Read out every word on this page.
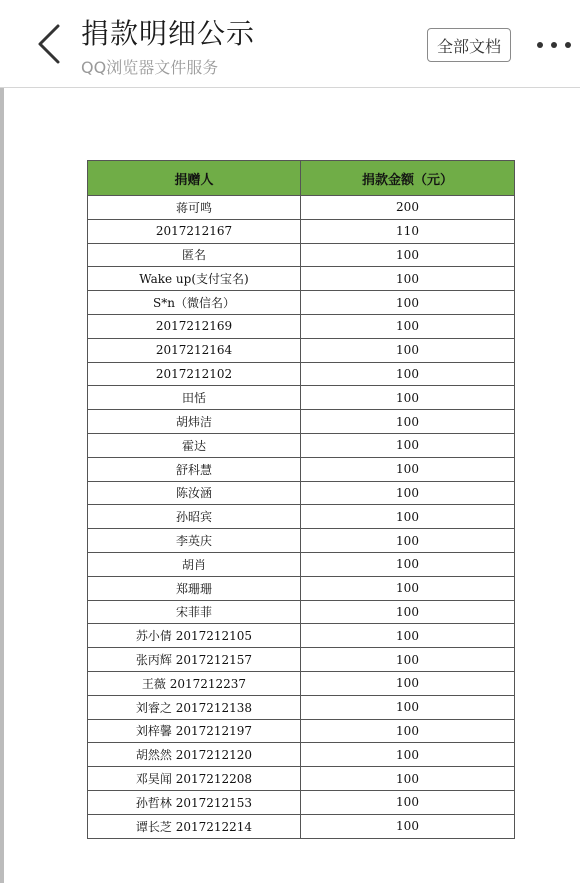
捐款明细公示
QQ浏览器文件服务
全部文档
捐赠人	捐款金额（元）
蒋可鸣	200
2017212167	110
匿名	100
Wake up(支付宝名)	100
S*n（微信名）	100
2017212169	100
2017212164	100
2017212102	100
田恬	100
胡炜洁	100
霍达	100
舒科慧	100
陈汝涵	100
孙昭宾	100
李英庆	100
胡肖	100
郑珊珊	100
宋菲菲	100
苏小倩 2017212105	100
张丙辉 2017212157	100
王薇 2017212237	100
刘睿之 2017212138	100
刘梓馨 2017212197	100
胡然然 2017212120	100
邓昊闻 2017212208	100
孙哲林 2017212153	100
谭长芝 2017212214	100
